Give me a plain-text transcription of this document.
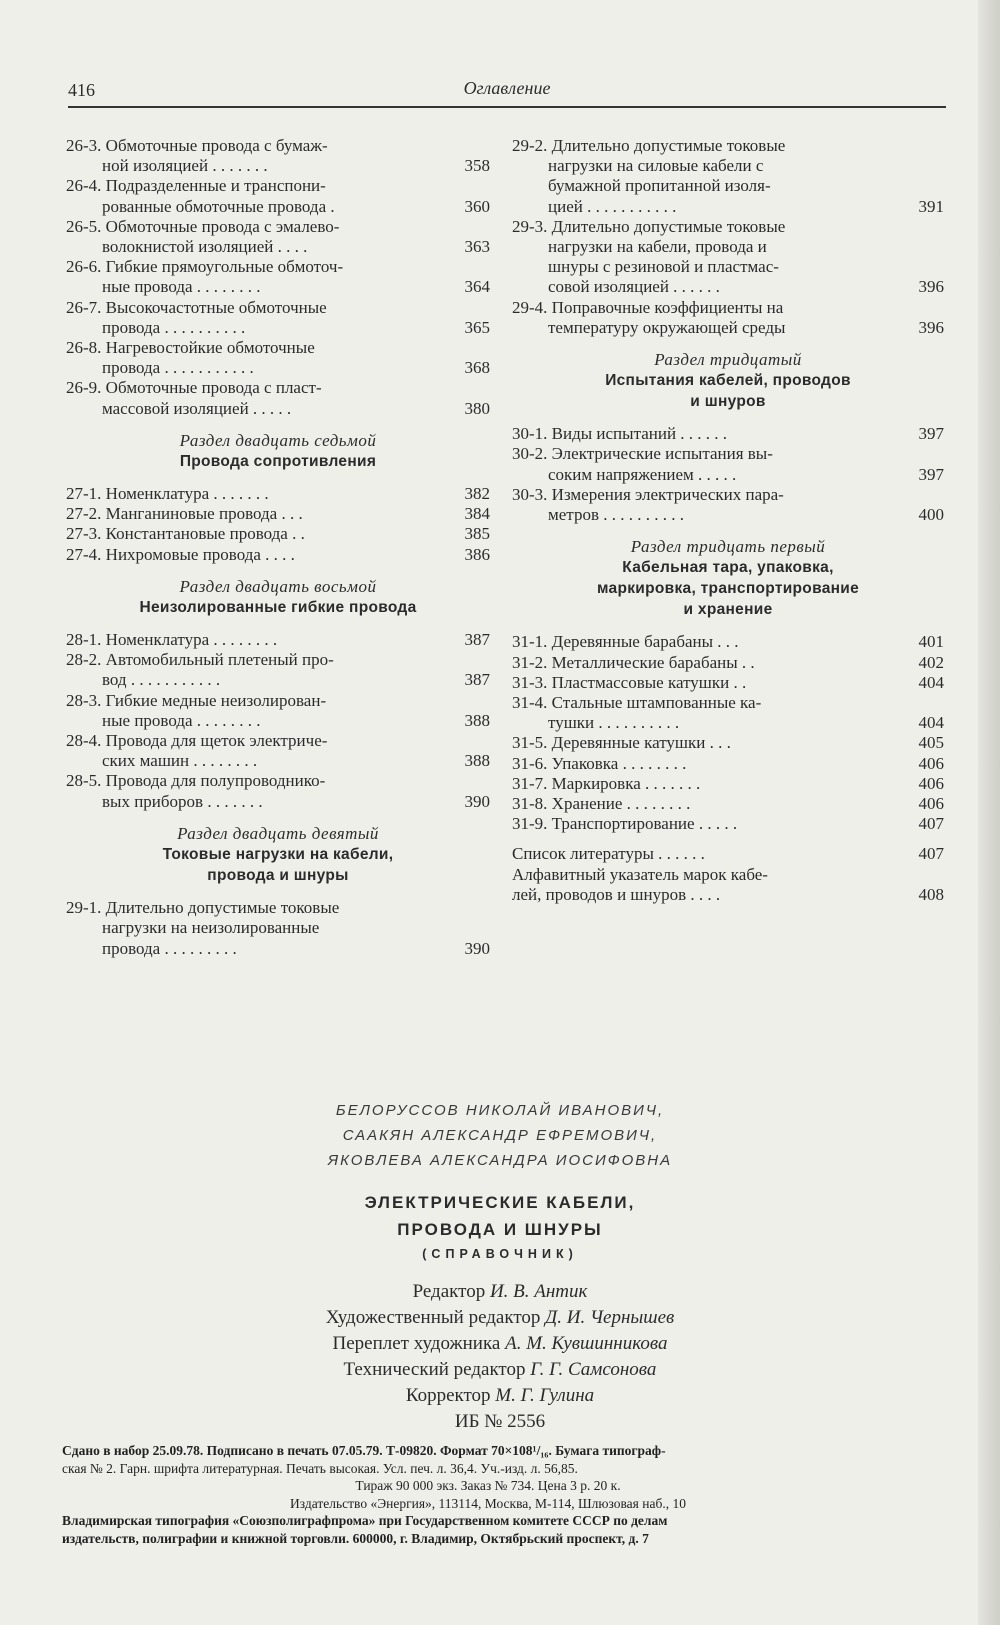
416	Оглавление
26-3. Обмоточные провода с бумаж-
ной изоляцией . . . . . . .	358
26-4. Подразделенные и транспони-
рованные обмоточные провода .	360
26-5. Обмоточные провода с эмалево-
волокнистой изоляцией . . . .	363
26-6. Гибкие прямоугольные обмоточ-
ные провода . . . . . . . .	364
26-7. Высокочастотные обмоточные
провода . . . . . . . . . .	365
26-8. Нагревостойкие обмоточные
провода . . . . . . . . . . .	368
26-9. Обмоточные провода с пласт-
массовой изоляцией . . . . .	380
Раздел двадцать седьмой
Провода сопротивления
27-1. Номенклатура . . . . . . .	382
27-2. Манганиновые провода . . .	384
27-3. Константановые провода . .	385
27-4. Нихромовые провода . . . .	386
Раздел двадцать восьмой
Неизолированные гибкие провода
28-1. Номенклатура . . . . . . . .	387
28-2. Автомобильный плетеный про-
вод . . . . . . . . . . .	387
28-3. Гибкие медные неизолирован-
ные провода . . . . . . . .	388
28-4. Провода для щеток электриче-
ских машин . . . . . . . .	388
28-5. Провода для полупроводнико-
вых приборов . . . . . . .	390
Раздел двадцать девятый
Токовые нагрузки на кабели,
провода и шнуры
29-1. Длительно допустимые токовые
нагрузки на неизолированные
провода . . . . . . . . .	390
29-2. Длительно допустимые токовые
нагрузки на силовые кабели с
бумажной пропитанной изоля-
цией . . . . . . . . . . .	391
29-3. Длительно допустимые токовые
нагрузки на кабели, провода и
шнуры с резиновой и пластмас-
совой изоляцией . . . . . .	396
29-4. Поправочные коэффициенты на
температуру окружающей среды	396
Раздел тридцатый
Испытания кабелей, проводов
и шнуров
30-1. Виды испытаний . . . . . .	397
30-2. Электрические испытания вы-
соким напряжением . . . . .	397
30-3. Измерения электрических пара-
метров . . . . . . . . . .	400
Раздел тридцать первый
Кабельная тара, упаковка,
маркировка, транспортирование
и хранение
31-1. Деревянные барабаны . . .	401
31-2. Металлические барабаны . .	402
31-3. Пластмассовые катушки . .	404
31-4. Стальные штампованные ка-
тушки . . . . . . . . . .	404
31-5. Деревянные катушки . . .	405
31-6. Упаковка . . . . . . . .	406
31-7. Маркировка . . . . . . .	406
31-8. Хранение . . . . . . . .	406
31-9. Транспортирование . . . . .	407
Список литературы . . . . . .	407
Алфавитный указатель марок кабе-
лей, проводов и шнуров . . . .	408
БЕЛОРУССОВ НИКОЛАЙ ИВАНОВИЧ,
СААКЯН АЛЕКСАНДР ЕФРЕМОВИЧ,
ЯКОВЛЕВА АЛЕКСАНДРА ИОСИФОВНА
ЭЛЕКТРИЧЕСКИЕ КАБЕЛИ,
ПРОВОДА И ШНУРЫ
(СПРАВОЧНИК)
Редактор И. В. Антик
Художественный редактор Д. И. Чернышев
Переплет художника А. М. Кувшинникова
Технический редактор Г. Г. Самсонова
Корректор М. Г. Гулина
ИБ № 2556
Сдано в набор 25.09.78. Подписано в печать 07.05.79. Т-09820. Формат 70×108¹/₁₆. Бумага типограф-
ская № 2. Гарн. шрифта литературная. Печать высокая. Усл. печ. л. 36,4. Уч.-изд. л. 56,85.
Тираж 90 000 экз. Заказ № 734. Цена 3 р. 20 к.
Издательство «Энергия», 113114, Москва, М-114, Шлюзовая наб., 10
Владимирская типография «Союзполиграфпрома» при Государственном комитете СССР по делам
издательств, полиграфии и книжной торговли. 600000, г. Владимир, Октябрьский проспект, д. 7
